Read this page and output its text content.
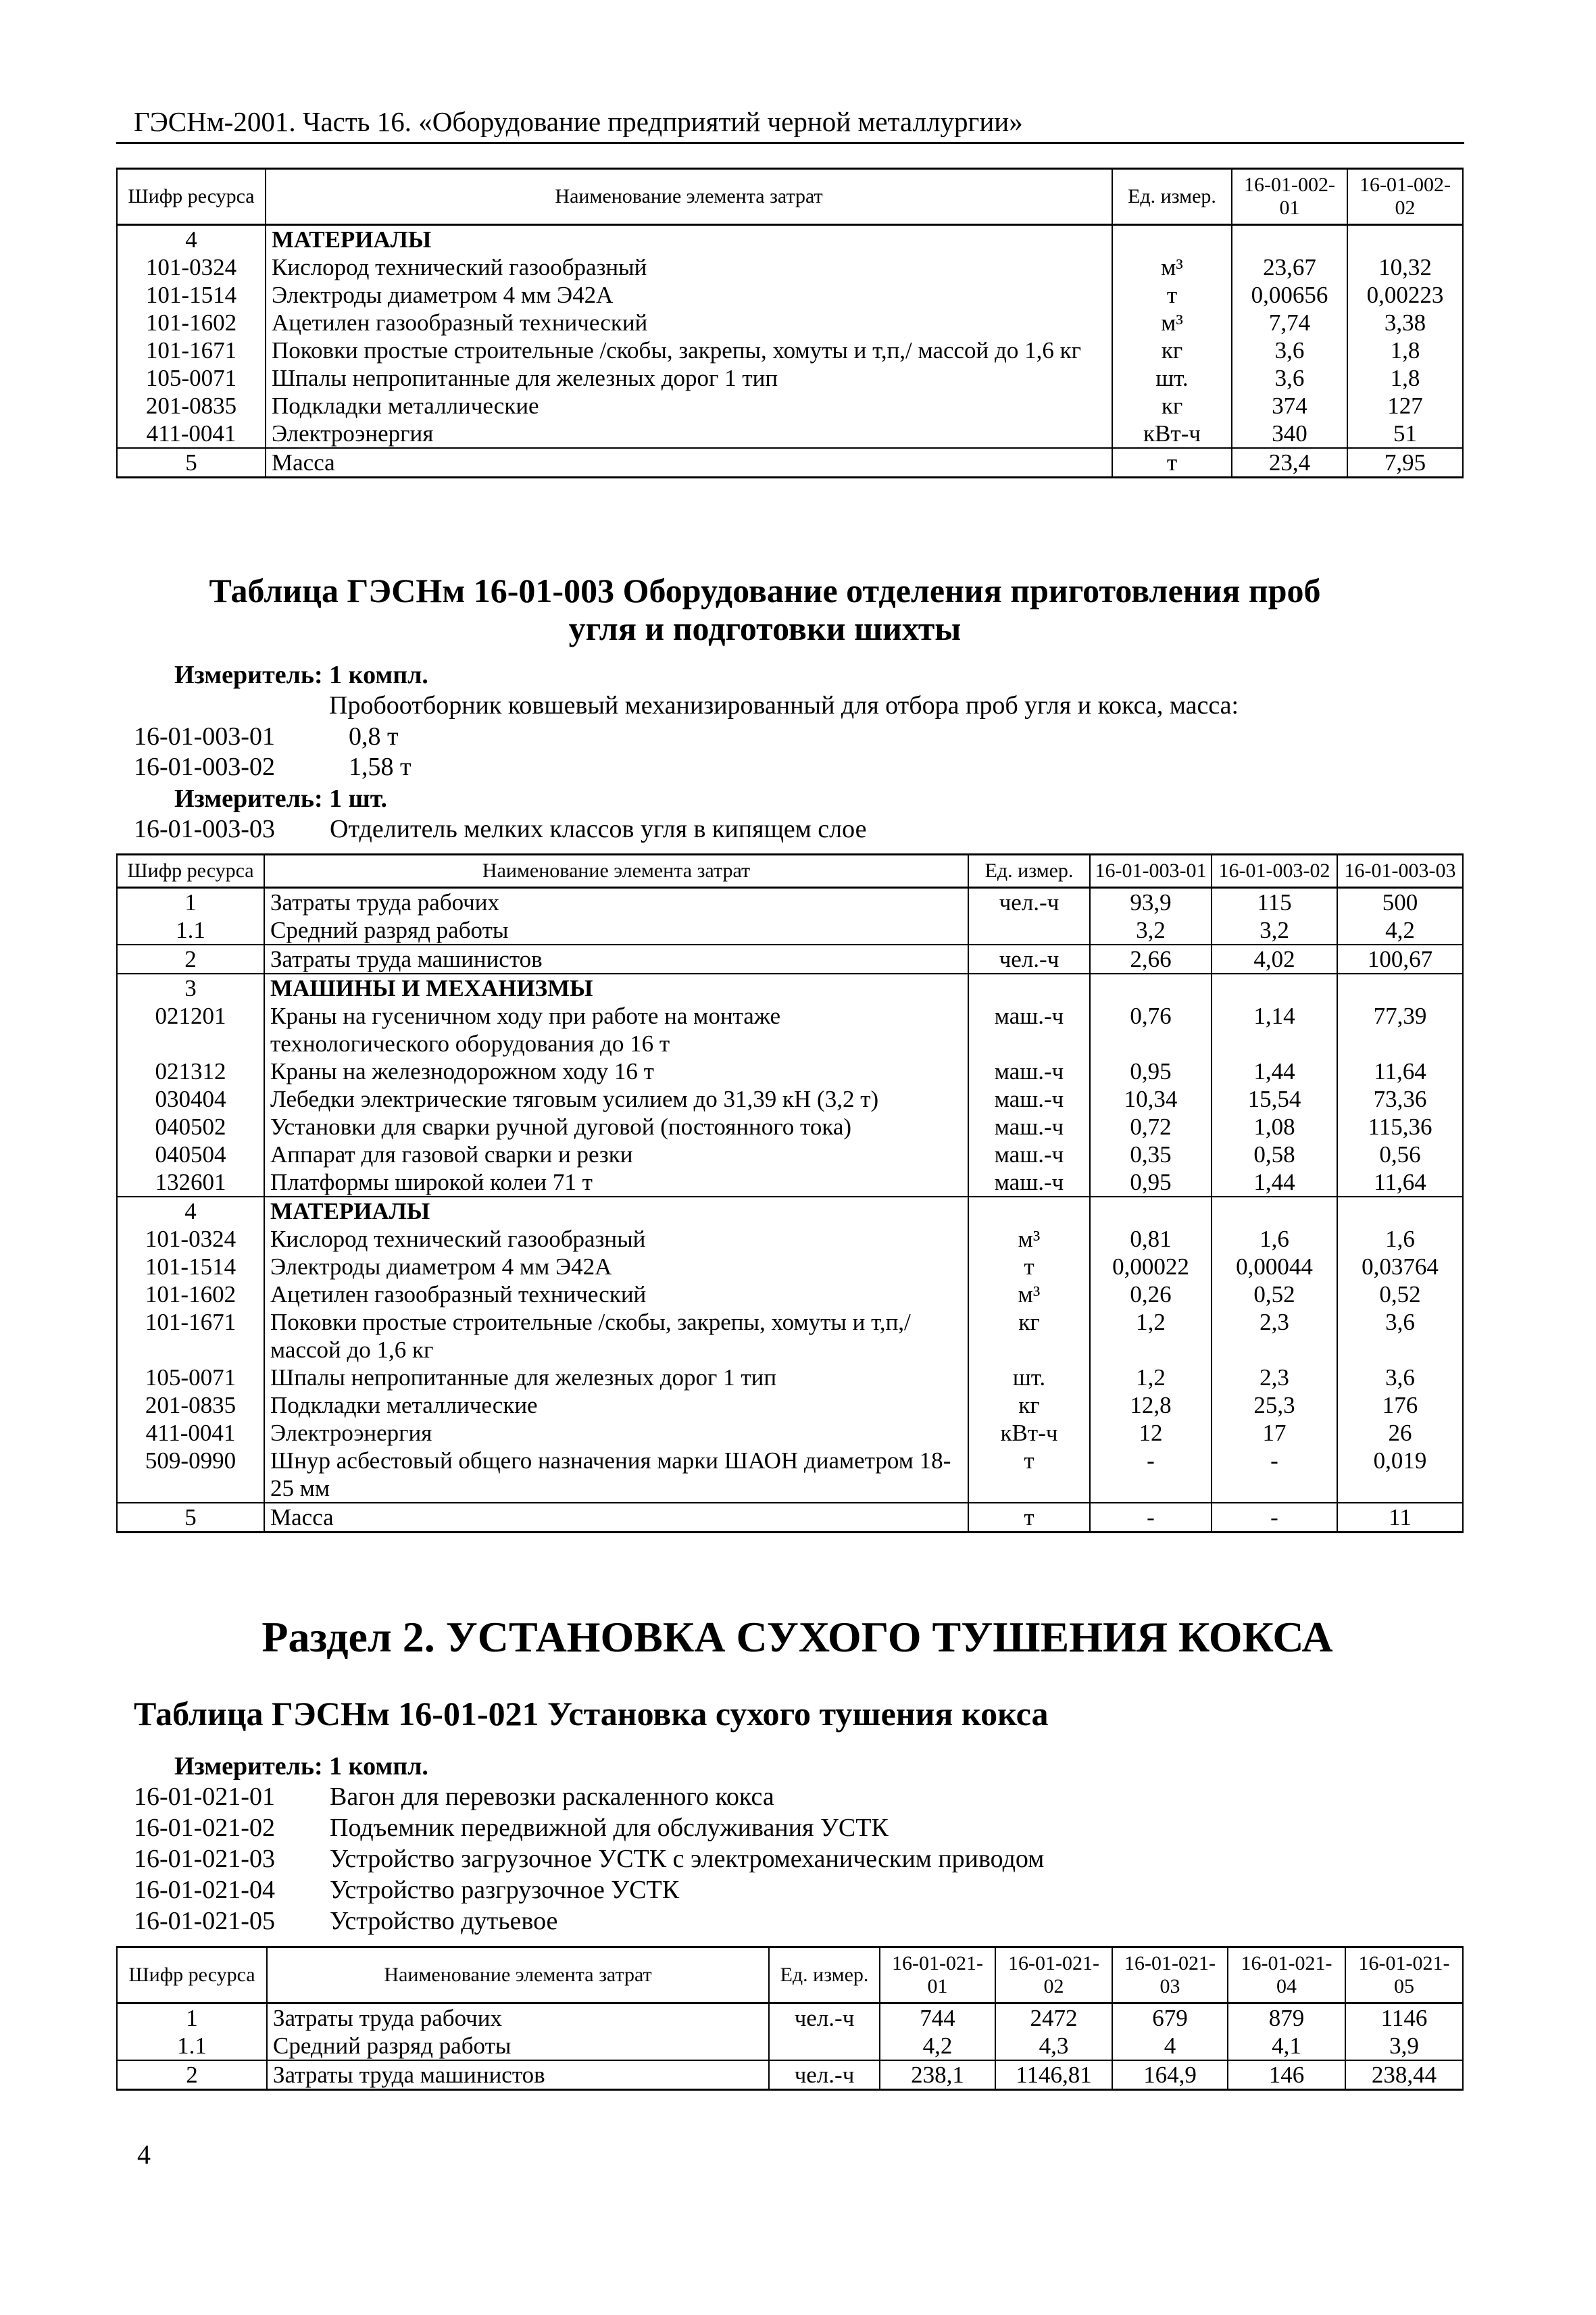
ГЭСНм-2001. Часть 16. «Оборудование предприятий черной металлургии»
Шифр ресурса	Наименование элемента затрат	Ед. измер.	16-01-002-01	16-01-002-02
4	МАТЕРИАЛЫ			
101-0324	Кислород технический газообразный	м³	23,67	10,32
101-1514	Электроды диаметром 4 мм Э42А	т	0,00656	0,00223
101-1602	Ацетилен газообразный технический	м³	7,74	3,38
101-1671	Поковки простые строительные /скобы, закрепы, хомуты и т,п,/ массой до 1,6 кг	кг	3,6	1,8
105-0071	Шпалы непропитанные для железных дорог 1 тип	шт.	3,6	1,8
201-0835	Подкладки металлические	кг	374	127
411-0041	Электроэнергия	кВт-ч	340	51
5	Масса	т	23,4	7,95
Таблица ГЭСНм 16-01-003 Оборудование отделения приготовления проб угля и подготовки шихты
Измеритель: 1 компл.
Пробоотборник ковшевый механизированный для отбора проб угля и кокса, масса:
16-01-003-01	0,8 т
16-01-003-02	1,58 т
Измеритель: 1 шт.
16-01-003-03 Отделитель мелких классов угля в кипящем слое
Шифр ресурса	Наименование элемента затрат	Ед. измер.	16-01-003-01	16-01-003-02	16-01-003-03
1	Затраты труда рабочих	чел.-ч	93,9	115	500
1.1	Средний разряд работы		3,2	3,2	4,2
2	Затраты труда машинистов	чел.-ч	2,66	4,02	100,67
3	МАШИНЫ И МЕХАНИЗМЫ				
021201	Краны на гусеничном ходу при работе на монтаже технологического оборудования до 16 т	маш.-ч	0,76	1,14	77,39
021312	Краны на железнодорожном ходу 16 т	маш.-ч	0,95	1,44	11,64
030404	Лебедки электрические тяговым усилием до 31,39 кН (3,2 т)	маш.-ч	10,34	15,54	73,36
040502	Установки для сварки ручной дуговой (постоянного тока)	маш.-ч	0,72	1,08	115,36
040504	Аппарат для газовой сварки и резки	маш.-ч	0,35	0,58	0,56
132601	Платформы широкой колеи 71 т	маш.-ч	0,95	1,44	11,64
4	МАТЕРИАЛЫ				
101-0324	Кислород технический газообразный	м³	0,81	1,6	1,6
101-1514	Электроды диаметром 4 мм Э42А	т	0,00022	0,00044	0,03764
101-1602	Ацетилен газообразный технический	м³	0,26	0,52	0,52
101-1671	Поковки простые строительные /скобы, закрепы, хомуты и т,п,/ массой до 1,6 кг	кг	1,2	2,3	3,6
105-0071	Шпалы непропитанные для железных дорог 1 тип	шт.	1,2	2,3	3,6
201-0835	Подкладки металлические	кг	12,8	25,3	176
411-0041	Электроэнергия	кВт-ч	12	17	26
509-0990	Шнур асбестовый общего назначения марки ШАОН диаметром 18-25 мм	т	-	-	0,019
5	Масса	т	-	-	11
Раздел 2. УСТАНОВКА СУХОГО ТУШЕНИЯ КОКСА
Таблица ГЭСНм 16-01-021 Установка сухого тушения кокса
Измеритель: 1 компл.
16-01-021-01 Вагон для перевозки раскаленного кокса
16-01-021-02 Подъемник передвижной для обслуживания УСТК
16-01-021-03 Устройство загрузочное УСТК с электромеханическим приводом
16-01-021-04 Устройство разгрузочное УСТК
16-01-021-05 Устройство дутьевое
Шифр ресурса	Наименование элемента затрат	Ед. измер.	16-01-021-01	16-01-021-02	16-01-021-03	16-01-021-04	16-01-021-05
1	Затраты труда рабочих	чел.-ч	744	2472	679	879	1146
1.1	Средний разряд работы		4,2	4,3	4	4,1	3,9
2	Затраты труда машинистов	чел.-ч	238,1	1146,81	164,9	146	238,44
4
